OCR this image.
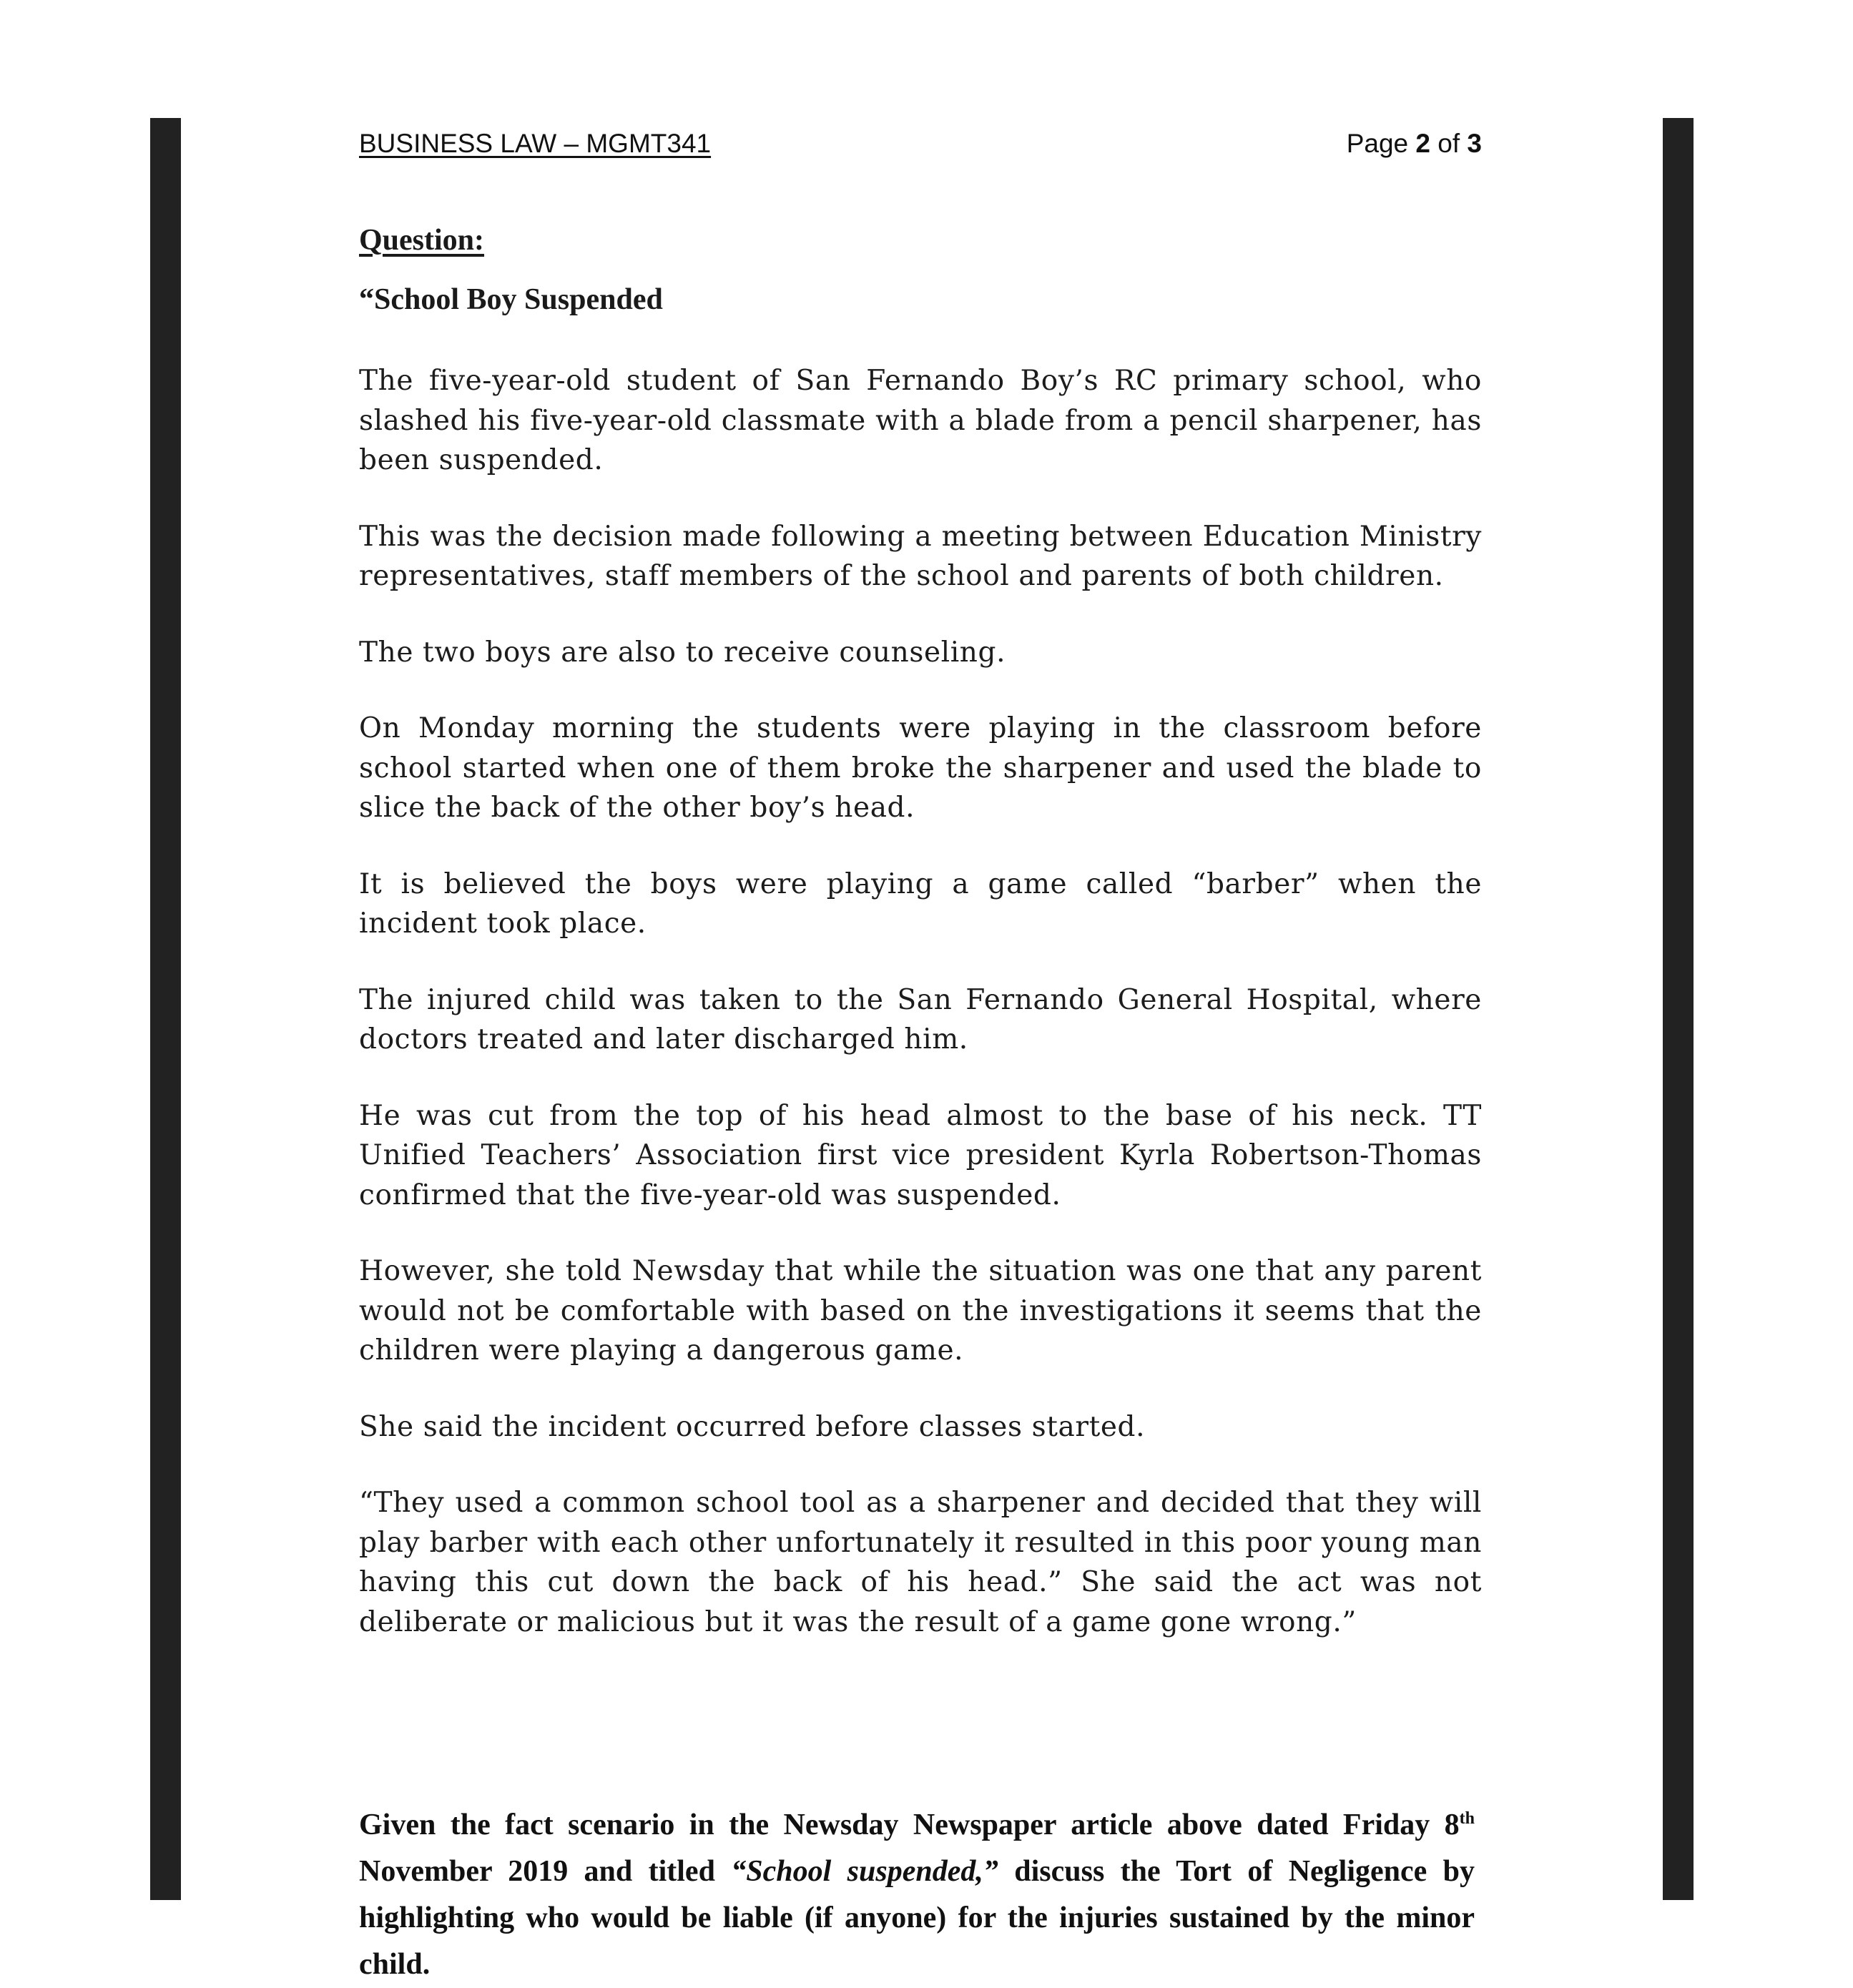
BUSINESS LAW – MGMT341	Page 2 of 3

Question:

“School Boy Suspended

The five-year-old student of San Fernando Boy’s RC primary school, who slashed his five-year-old classmate with a blade from a pencil sharpener, has been suspended.

This was the decision made following a meeting between Education Ministry representatives, staff members of the school and parents of both children.

The two boys are also to receive counseling.

On Monday morning the students were playing in the classroom before school started when one of them broke the sharpener and used the blade to slice the back of the other boy’s head.

It is believed the boys were playing a game called “barber” when the incident took place.

The injured child was taken to the San Fernando General Hospital, where doctors treated and later discharged him.

He was cut from the top of his head almost to the base of his neck. TT Unified Teachers’ Association first vice president Kyrla Robertson-Thomas confirmed that the five-year-old was suspended.

However, she told Newsday that while the situation was one that any parent would not be comfortable with based on the investigations it seems that the children were playing a dangerous game.

She said the incident occurred before classes started.

“They used a common school tool as a sharpener and decided that they will play barber with each other unfortunately it resulted in this poor young man having this cut down the back of his head.” She said the act was not deliberate or malicious but it was the result of a game gone wrong.”

Given the fact scenario in the Newsday Newspaper article above dated Friday 8th November 2019 and titled “School suspended,” discuss the Tort of Negligence by highlighting who would be liable (if anyone) for the injuries sustained by the minor child.
